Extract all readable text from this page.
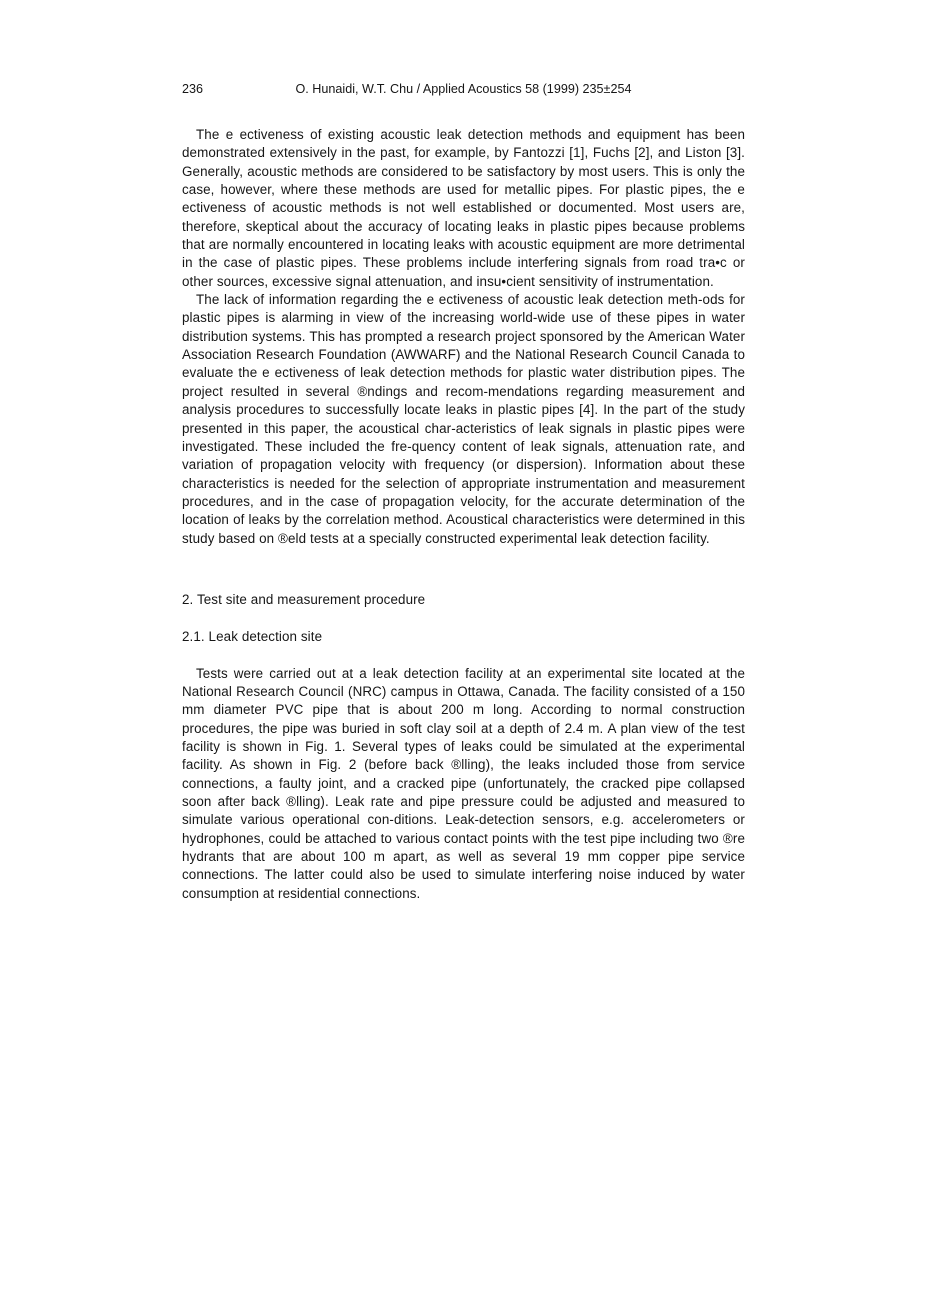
236	O. Hunaidi, W.T. Chu / Applied Acoustics 58 (1999) 235±254

The e ectiveness of existing acoustic leak detection methods and equipment has been demonstrated extensively in the past, for example, by Fantozzi [1], Fuchs [2], and Liston [3]. Generally, acoustic methods are considered to be satisfactory by most users. This is only the case, however, where these methods are used for metallic pipes. For plastic pipes, the e ectiveness of acoustic methods is not well established or documented. Most users are, therefore, skeptical about the accuracy of locating leaks in plastic pipes because problems that are normally encountered in locating leaks with acoustic equipment are more detrimental in the case of plastic pipes. These problems include interfering signals from road tra•c or other sources, excessive signal attenuation, and insu•cient sensitivity of instrumentation.

The lack of information regarding the e ectiveness of acoustic leak detection meth-ods for plastic pipes is alarming in view of the increasing world-wide use of these pipes in water distribution systems. This has prompted a research project sponsored by the American Water Association Research Foundation (AWWARF) and the National Research Council Canada to evaluate the e ectiveness of leak detection methods for plastic water distribution pipes. The project resulted in several ®ndings and recom-mendations regarding measurement and analysis procedures to successfully locate leaks in plastic pipes [4]. In the part of the study presented in this paper, the acoustical char-acteristics of leak signals in plastic pipes were investigated. These included the fre-quency content of leak signals, attenuation rate, and variation of propagation velocity with frequency (or dispersion). Information about these characteristics is needed for the selection of appropriate instrumentation and measurement procedures, and in the case of propagation velocity, for the accurate determination of the location of leaks by the correlation method. Acoustical characteristics were determined in this study based on ®eld tests at a specially constructed experimental leak detection facility.

2. Test site and measurement procedure
2.1. Leak detection site

Tests were carried out at a leak detection facility at an experimental site located at the National Research Council (NRC) campus in Ottawa, Canada. The facility consisted of a 150 mm diameter PVC pipe that is about 200 m long. According to normal construction procedures, the pipe was buried in soft clay soil at a depth of 2.4 m. A plan view of the test facility is shown in Fig. 1. Several types of leaks could be simulated at the experimental facility. As shown in Fig. 2 (before back ®lling), the leaks included those from service connections, a faulty joint, and a cracked pipe (unfortunately, the cracked pipe collapsed soon after back ®lling). Leak rate and pipe pressure could be adjusted and measured to simulate various operational con-ditions. Leak-detection sensors, e.g. accelerometers or hydrophones, could be attached to various contact points with the test pipe including two ®re hydrants that are about 100 m apart, as well as several 19 mm copper pipe service connections. The latter could also be used to simulate interfering noise induced by water consumption at residential connections.
